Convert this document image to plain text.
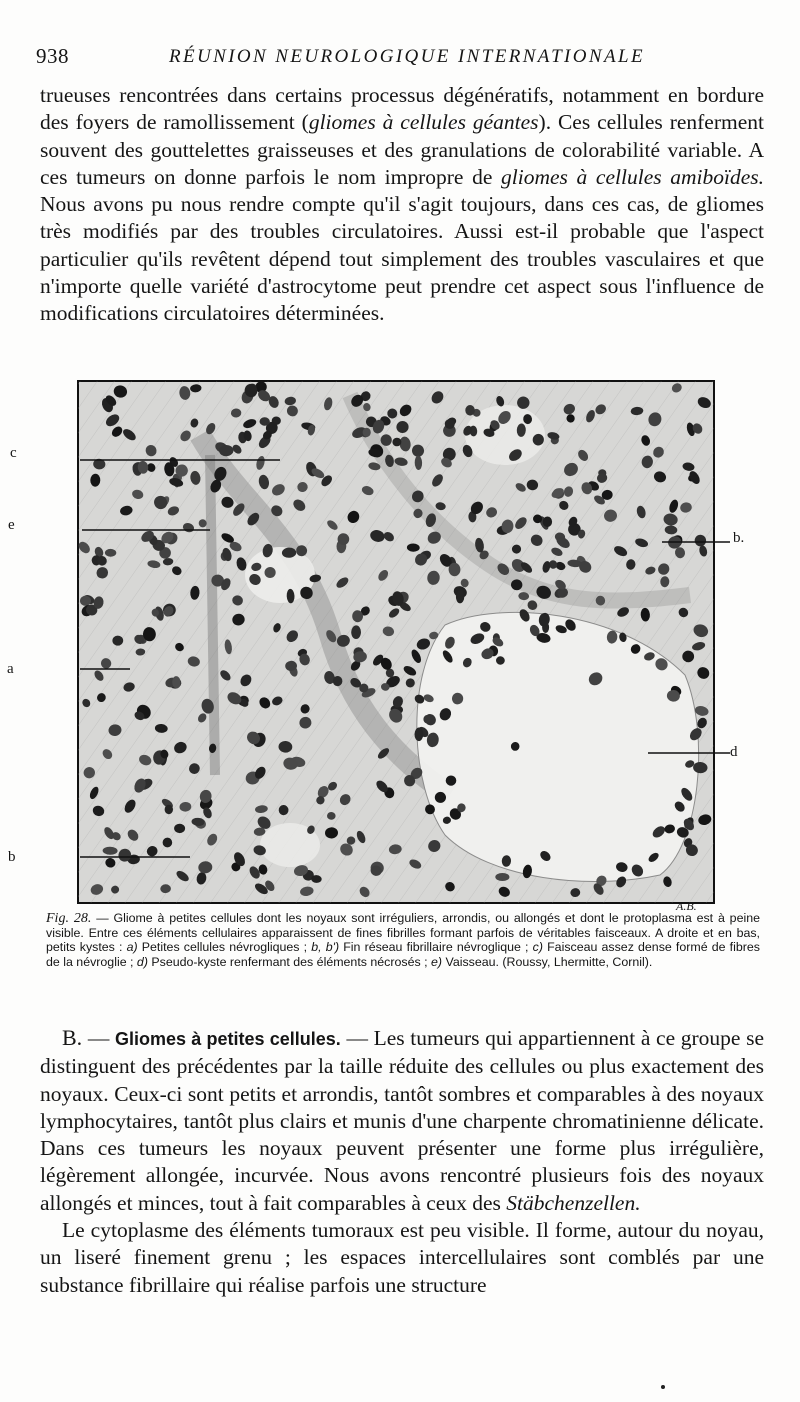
938	RÉUNION NEUROLOGIQUE INTERNATIONALE

trueuses rencontrées dans certains processus dégénératifs, notamment en bordure des foyers de ramollissement (gliomes à cellules géantes). Ces cellules renferment souvent des gouttelettes graisseuses et des granulations de colorabilité variable. A ces tumeurs on donne parfois le nom impropre de gliomes à cellules amiboïdes. Nous avons pu nous rendre compte qu'il s'agit toujours, dans ces cas, de gliomes très modifiés par des troubles circulatoires. Aussi est-il probable que l'aspect particulier qu'ils revêtent dépend tout simplement des troubles vasculaires et que n'importe quelle variété d'astrocytome peut prendre cet aspect sous l'influence de modifications circulatoires déterminées.

c
e
a
b
b.
d
A.B.

Fig. 28. — Gliome à petites cellules dont les noyaux sont irréguliers, arrondis, ou allongés et dont le protoplasma est à peine visible. Entre ces éléments cellulaires apparaissent de fines fibrilles formant parfois de véritables faisceaux. A droite et en bas, petits kystes : a) Petites cellules névrogliques ; b, b') Fin réseau fibrillaire névroglique ; c) Faisceau assez dense formé de fibres de la névroglie ; d) Pseudo-kyste renfermant des éléments nécrosés ; e) Vaisseau. (Roussy, Lhermitte, Cornil).

B. — Gliomes à petites cellules. — Les tumeurs qui appartiennent à ce groupe se distinguent des précédentes par la taille réduite des cellules ou plus exactement des noyaux. Ceux-ci sont petits et arrondis, tantôt sombres et comparables à des noyaux lymphocytaires, tantôt plus clairs et munis d'une charpente chromatinienne délicate. Dans ces tumeurs les noyaux peuvent présenter une forme plus irrégulière, légèrement allongée, incurvée. Nous avons rencontré plusieurs fois des noyaux allongés et minces, tout à fait comparables à ceux des Stäbchenzellen.

Le cytoplasme des éléments tumoraux est peu visible. Il forme, autour du noyau, un liseré finement grenu ; les espaces intercellulaires sont comblés par une substance fibrillaire qui réalise parfois une structure
